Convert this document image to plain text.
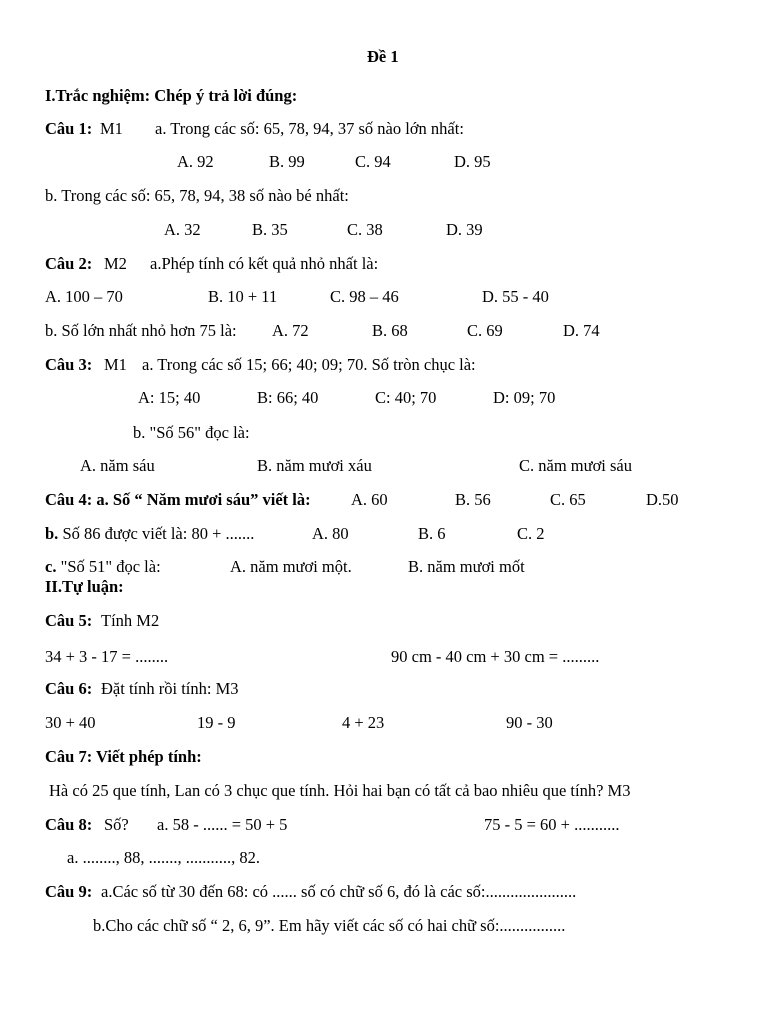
Đề 1
I.Trắc nghiệm: Chép ý trả lời đúng:
Câu 1: M1 a. Trong các số: 65, 78, 94, 37 số nào lớn nhất:
A. 92	B. 99	C. 94	D. 95
b. Trong các số: 65, 78, 94, 38 số nào bé nhất:
A. 32	B. 35	C. 38	D. 39
Câu 2: M2 a.Phép tính có kết quả nhỏ nhất là:
A. 100 – 70	B. 10 + 11	C. 98 – 46	D. 55 - 40
b. Số lớn nhất nhỏ hơn 75 là: A. 72	B. 68	C. 69	D. 74
Câu 3: M1 a. Trong các số 15; 66; 40; 09; 70. Số tròn chục là:
A: 15; 40	B: 66; 40	C: 40; 70	D: 09; 70
b. "Số 56" đọc là:
A. năm sáu	B. năm mươi xáu	C. năm mươi sáu
Câu 4: a. Số “ Năm mươi sáu” viết là: A. 60	B. 56	C. 65	D.50
b. Số 86 được viết là: 80 + .......	A. 80	B. 6	C. 2
c. "Số 51" đọc là:	A. năm mươi một.	B. năm mươi mốt
II.Tự luận:
Câu 5: Tính M2
34 + 3 - 17 = ........	90 cm - 40 cm + 30 cm = .........
Câu 6: Đặt tính rồi tính: M3
30 + 40	19 - 9	4 + 23	90 - 30
Câu 7: Viết phép tính:
Hà có 25 que tính, Lan có 3 chục que tính. Hỏi hai bạn có tất cả bao nhiêu que tính? M3
Câu 8: Số? a. 58 - ...... = 50 + 5	75 - 5 = 60 + ...........
a. ........, 88, ......., ..........., 82.
Câu 9: a.Các số từ 30 đến 68: có ...... số có chữ số 6, đó là các số:......................
b.Cho các chữ số “ 2, 6, 9”. Em hãy viết các số có hai chữ số:................
